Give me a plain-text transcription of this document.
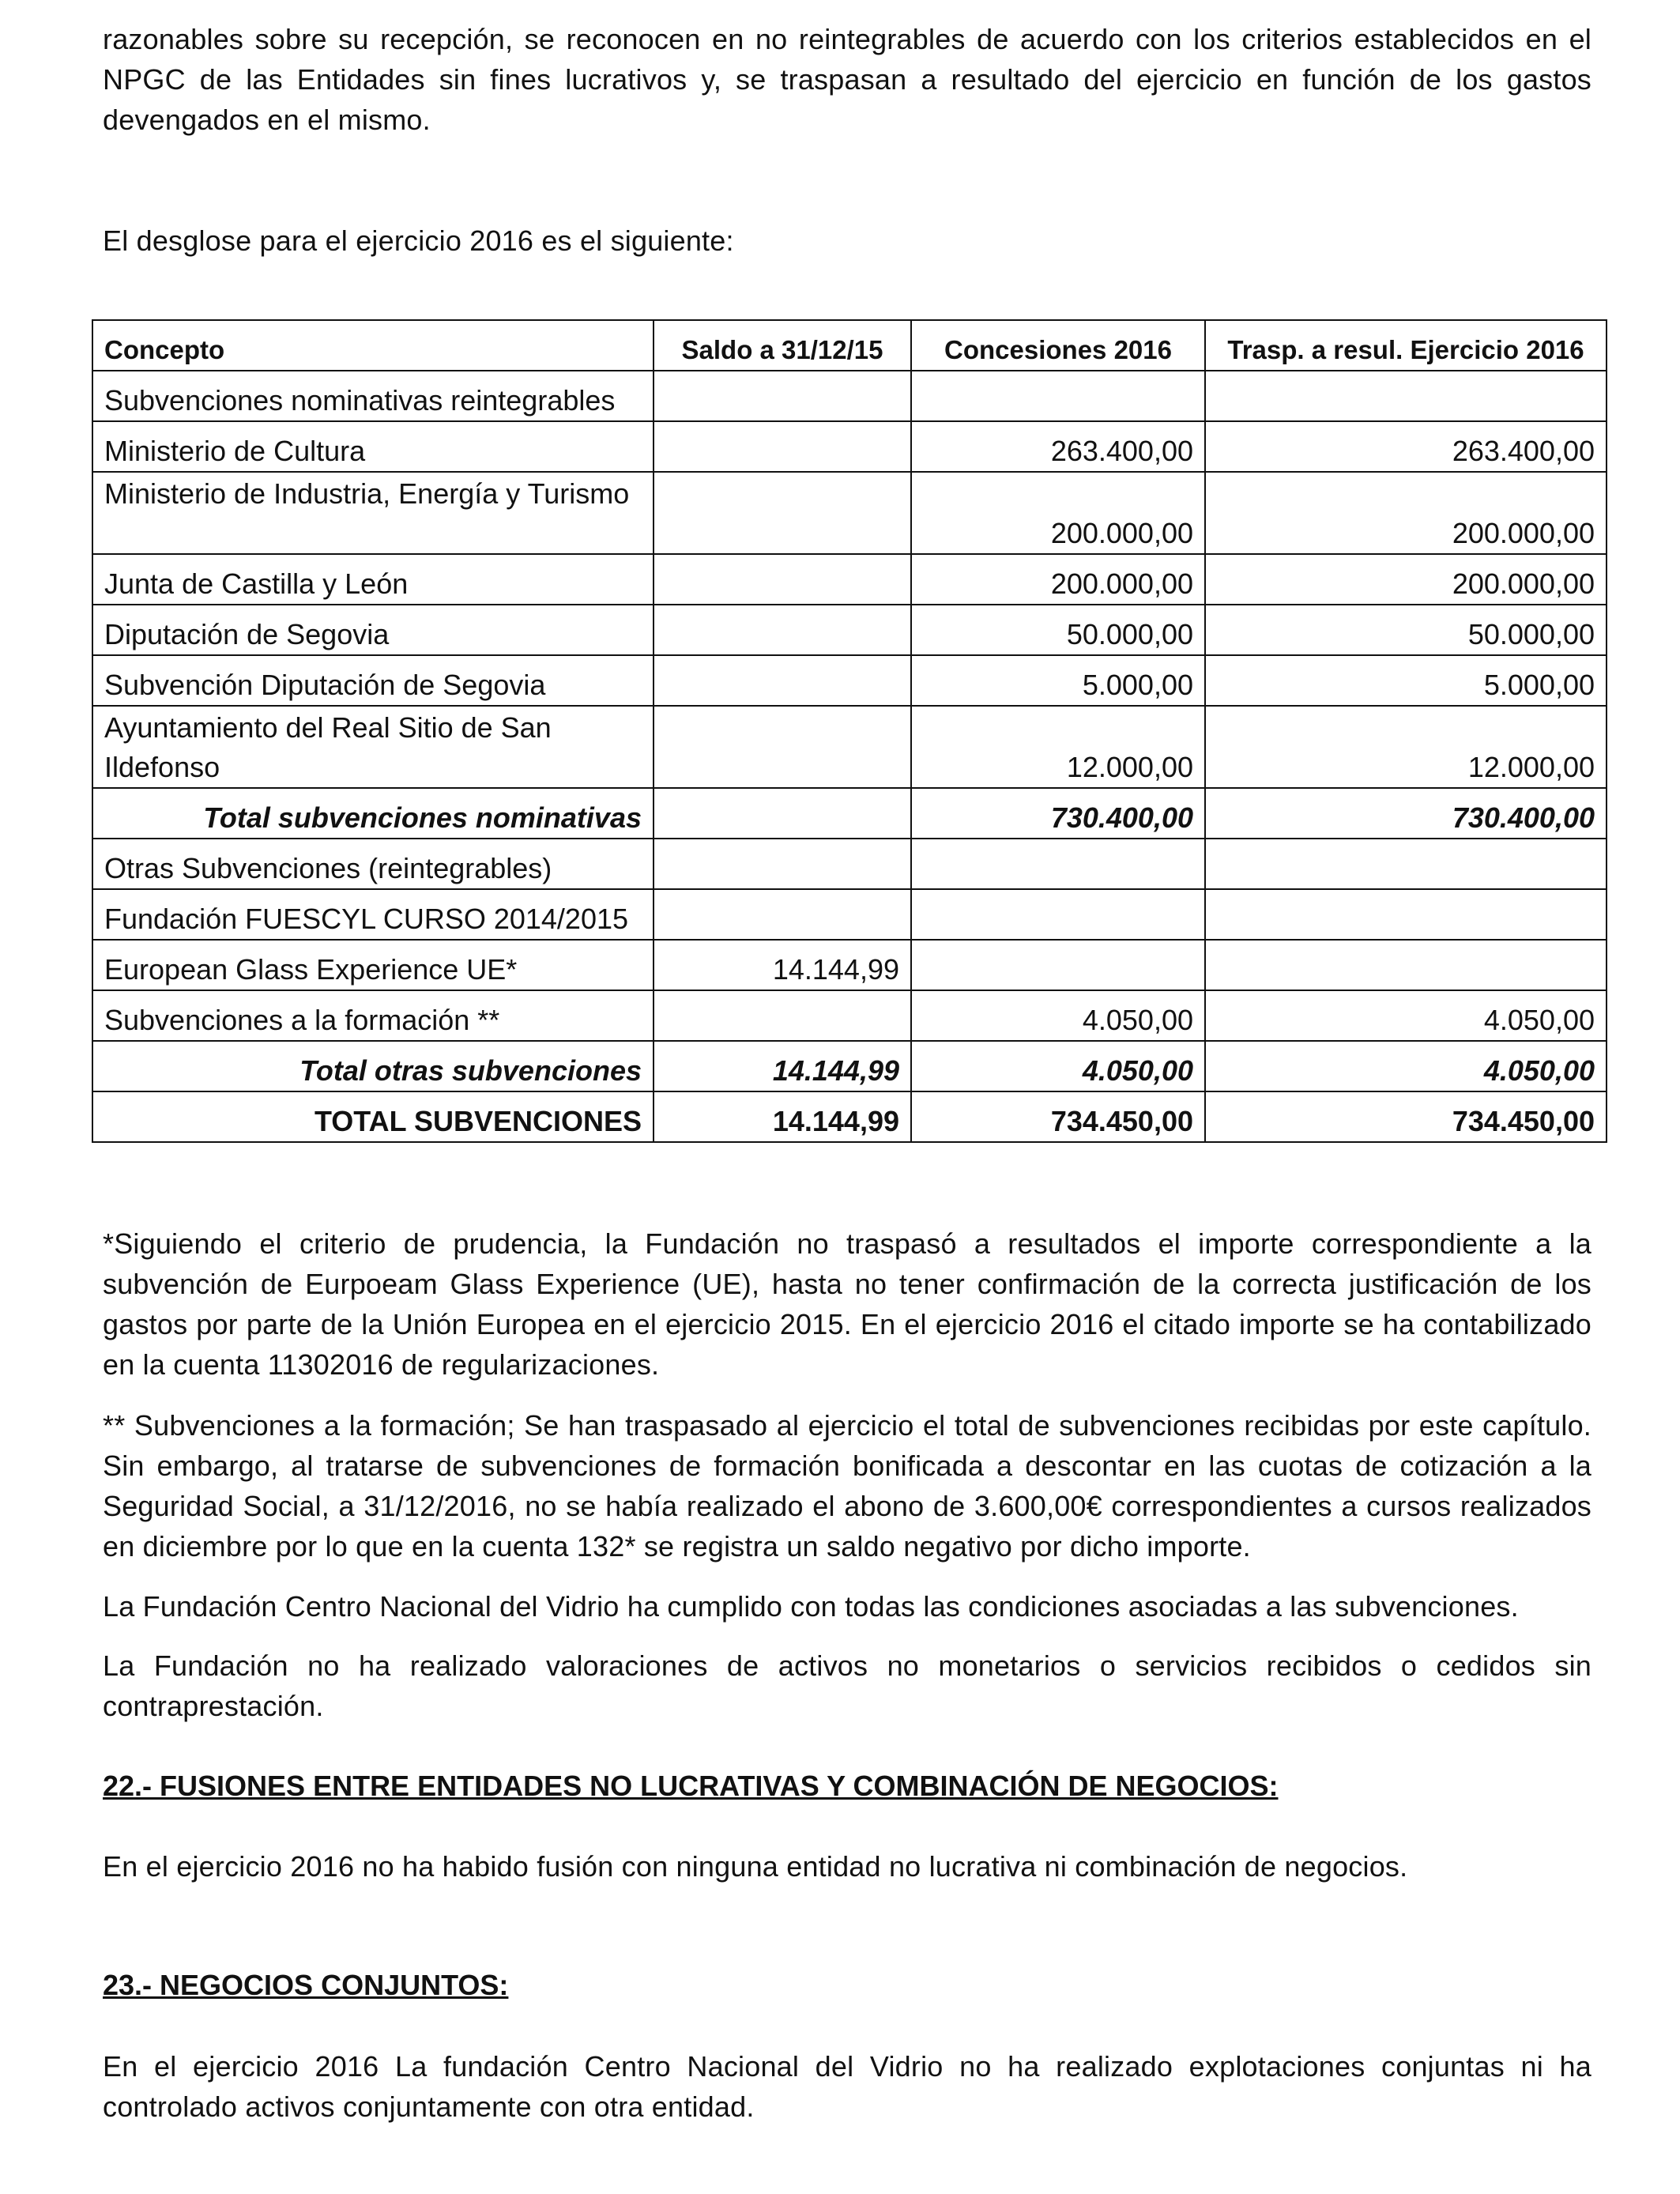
razonables sobre su recepción, se reconocen en no reintegrables de acuerdo con los criterios establecidos en el NPGC de las Entidades sin fines lucrativos y, se traspasan a resultado del ejercicio en función de los gastos devengados en el mismo.

El desglose para el ejercicio 2016 es el siguiente:

Concepto	Saldo a 31/12/15	Concesiones 2016	Trasp. a resul. Ejercicio 2016
Subvenciones nominativas reintegrables			
Ministerio de Cultura		263.400,00	263.400,00
Ministerio de Industria, Energía y Turismo		200.000,00	200.000,00
Junta de Castilla y León		200.000,00	200.000,00
Diputación de Segovia		50.000,00	50.000,00
Subvención Diputación de Segovia		5.000,00	5.000,00
Ayuntamiento del Real Sitio de San Ildefonso		12.000,00	12.000,00
Total subvenciones nominativas		730.400,00	730.400,00
Otras Subvenciones (reintegrables)			
Fundación FUESCYL CURSO 2014/2015			
European Glass Experience UE*	14.144,99		
Subvenciones a la formación **		4.050,00	4.050,00
Total otras subvenciones	14.144,99	4.050,00	4.050,00
TOTAL SUBVENCIONES	14.144,99	734.450,00	734.450,00

*Siguiendo el criterio de prudencia, la Fundación no traspasó a resultados el importe correspondiente a la subvención de Eurpoeam Glass Experience (UE), hasta no tener confirmación de la correcta justificación de los gastos por parte de la Unión Europea en el ejercicio 2015. En el ejercicio 2016 el citado importe se ha contabilizado en la cuenta 11302016 de regularizaciones.

** Subvenciones a la formación; Se han traspasado al ejercicio el total de subvenciones recibidas por este capítulo. Sin embargo, al tratarse de subvenciones de formación bonificada a descontar en las cuotas de cotización a la Seguridad Social, a 31/12/2016, no se había realizado el abono de 3.600,00€ correspondientes a cursos realizados en diciembre por lo que en la cuenta 132* se registra un saldo negativo por dicho importe.

La Fundación Centro Nacional del Vidrio ha cumplido con todas las condiciones asociadas a las subvenciones.

La Fundación no ha realizado valoraciones de activos no monetarios o servicios recibidos o cedidos sin contraprestación.

22.- FUSIONES ENTRE ENTIDADES NO LUCRATIVAS Y COMBINACIÓN DE NEGOCIOS:

En el ejercicio 2016 no ha habido fusión con ninguna entidad no lucrativa ni combinación de negocios.

23.- NEGOCIOS CONJUNTOS:

En el ejercicio 2016 La fundación Centro Nacional del Vidrio no ha realizado explotaciones conjuntas ni ha controlado activos conjuntamente con otra entidad.
